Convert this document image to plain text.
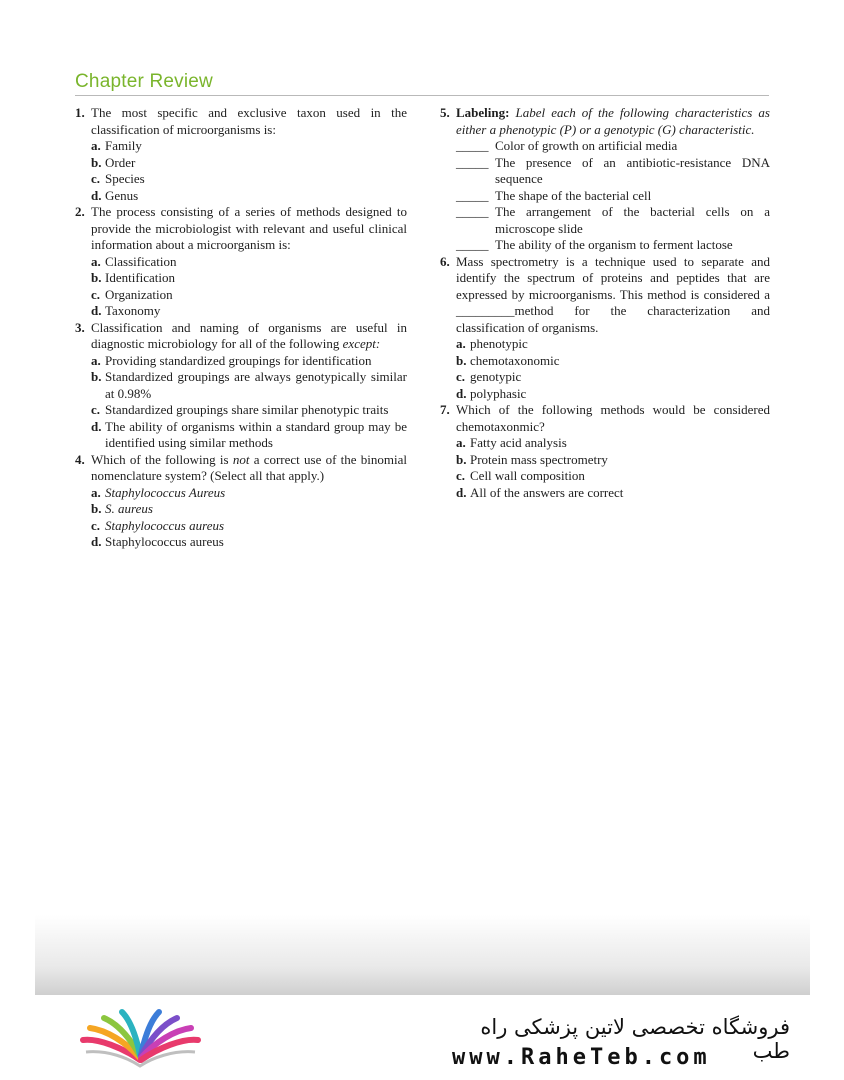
Chapter Review
1. The most specific and exclusive taxon used in the classification of microorganisms is:
a. Family
b. Order
c. Species
d. Genus
2. The process consisting of a series of methods designed to provide the microbiologist with relevant and useful clinical information about a microorganism is:
a. Classification
b. Identification
c. Organization
d. Taxonomy
3. Classification and naming of organisms are useful in diagnostic microbiology for all of the following except:
a. Providing standardized groupings for identification
b. Standardized groupings are always genotypically similar at 0.98%
c. Standardized groupings share similar phenotypic traits
d. The ability of organisms within a standard group may be identified using similar methods
4. Which of the following is not a correct use of the binomial nomenclature system? (Select all that apply.)
a. Staphylococcus Aureus
b. S. aureus
c. Staphylococcus aureus
d. Staphylococcus aureus
5. Labeling: Label each of the following characteristics as either a phenotypic (P) or a genotypic (G) characteristic.
_____ Color of growth on artificial media
_____ The presence of an antibiotic-resistance DNA sequence
_____ The shape of the bacterial cell
_____ The arrangement of the bacterial cells on a microscope slide
_____ The ability of the organism to ferment lactose
6. Mass spectrometry is a technique used to separate and identify the spectrum of proteins and peptides that are expressed by microorganisms. This method is considered a _________method for the characterization and classification of organisms.
a. phenotypic
b. chemotaxonomic
c. genotypic
d. polyphasic
7. Which of the following methods would be considered chemotaxonmic?
a. Fatty acid analysis
b. Protein mass spectrometry
c. Cell wall composition
d. All of the answers are correct
فروشگاه تخصصی لاتین پزشکی راه طب
www.RaheTeb.com
